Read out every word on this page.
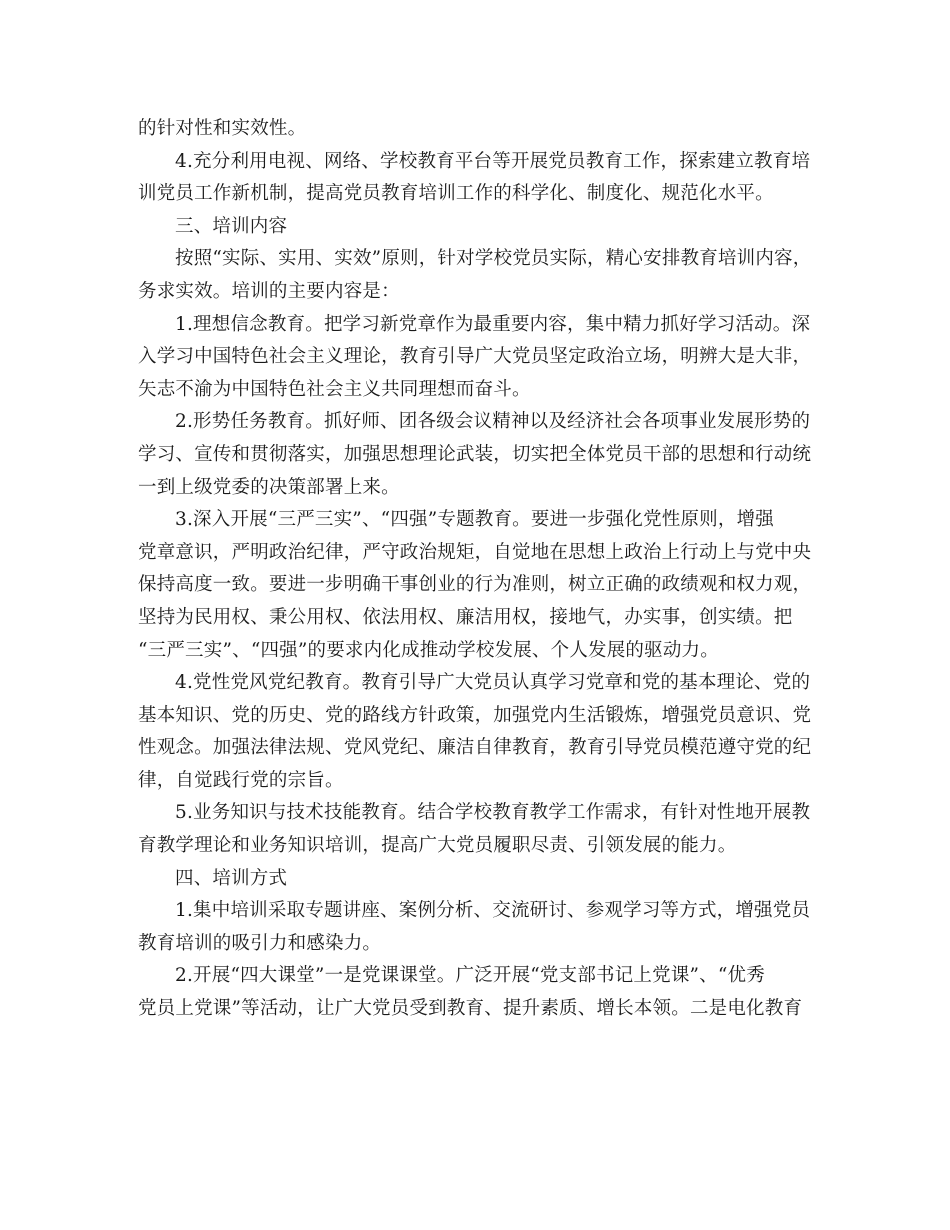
的针对性和实效性。
4.充分利用电视、网络、学校教育平台等开展党员教育工作，探索建立教育培
训党员工作新机制，提高党员教育培训工作的科学化、制度化、规范化水平。
三、培训内容
按照“实际、实用、实效”原则，针对学校党员实际，精心安排教育培训内容，
务求实效。培训的主要内容是：
1.理想信念教育。把学习新党章作为最重要内容，集中精力抓好学习活动。深
入学习中国特色社会主义理论，教育引导广大党员坚定政治立场，明辨大是大非，
矢志不渝为中国特色社会主义共同理想而奋斗。
2.形势任务教育。抓好师、团各级会议精神以及经济社会各项事业发展形势的
学习、宣传和贯彻落实，加强思想理论武装，切实把全体党员干部的思想和行动统
一到上级党委的决策部署上来。
3.深入开展“三严三实”、“四强”专题教育。要进一步强化党性原则，增强
党章意识，严明政治纪律，严守政治规矩，自觉地在思想上政治上行动上与党中央
保持高度一致。要进一步明确干事创业的行为准则，树立正确的政绩观和权力观，
坚持为民用权、秉公用权、依法用权、廉洁用权，接地气，办实事，创实绩。把
“三严三实”、“四强”的要求内化成推动学校发展、个人发展的驱动力。
4.党性党风党纪教育。教育引导广大党员认真学习党章和党的基本理论、党的
基本知识、党的历史、党的路线方针政策，加强党内生活锻炼，增强党员意识、党
性观念。加强法律法规、党风党纪、廉洁自律教育，教育引导党员模范遵守党的纪
律，自觉践行党的宗旨。
5.业务知识与技术技能教育。结合学校教育教学工作需求，有针对性地开展教
育教学理论和业务知识培训，提高广大党员履职尽责、引领发展的能力。
四、培训方式
1.集中培训采取专题讲座、案例分析、交流研讨、参观学习等方式，增强党员
教育培训的吸引力和感染力。
2.开展“四大课堂”一是党课课堂。广泛开展“党支部书记上党课”、“优秀
党员上党课”等活动，让广大党员受到教育、提升素质、增长本领。二是电化教育
